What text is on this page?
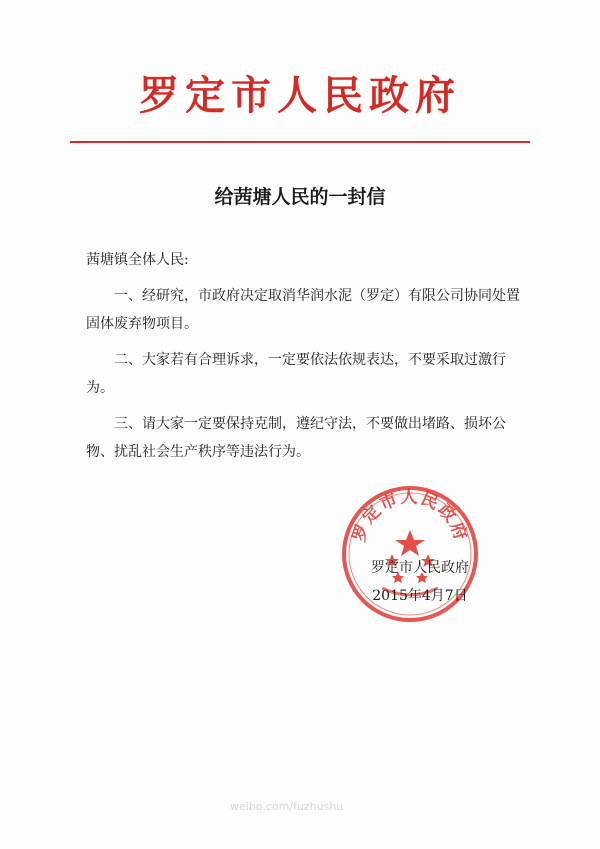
罗定市人民政府
给茜塘人民的一封信
茜塘镇全体人民:
一、经研究，市政府决定取消华润水泥（罗定）有限公司协同处置固体废弃物项目。
二、大家若有合理诉求，一定要依法依规表达，不要采取过激行为。
三、请大家一定要保持克制，遵纪守法，不要做出堵路、损坏公物、扰乱社会生产秩序等违法行为。
罗定市人民政府
罗定市人民政府
2015年4月7日
weibo.com/fuzhushu
